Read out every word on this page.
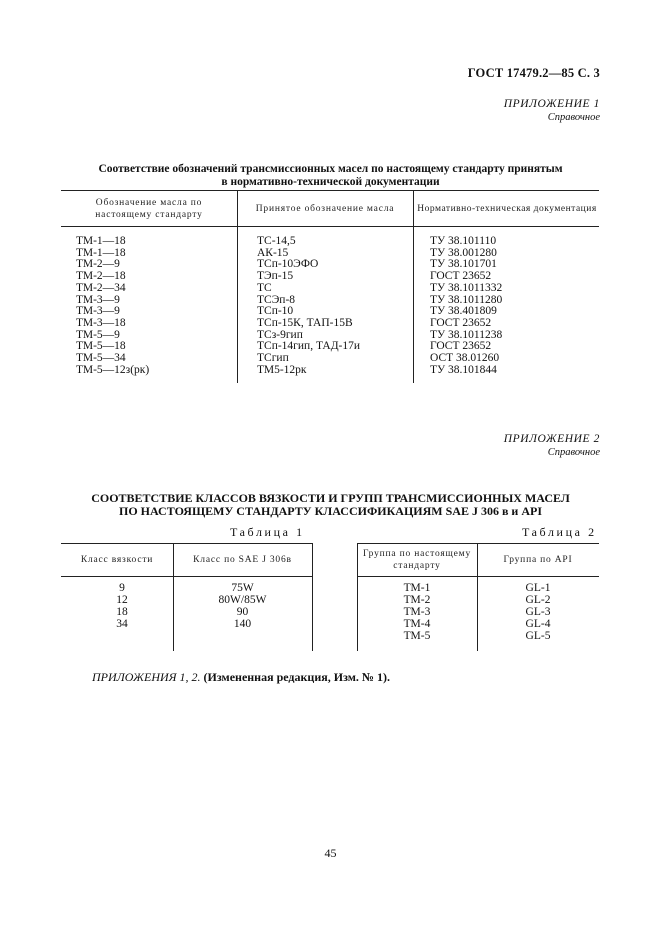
ГОСТ 17479.2—85 С. 3
ПРИЛОЖЕНИЕ 1
Справочное
Соответствие обозначений трансмиссионных масел по настоящему стандарту принятым
в нормативно-технической документации
Обозначение масла по
настоящему стандарту
Принятое обозначение масла	Нормативно-техническая документация
ТМ-1—18
ТМ-1—18
ТМ-2—9
ТМ-2—18
ТМ-2—34
ТМ-3—9
ТМ-3—9
ТМ-3—18
ТМ-5—9
ТМ-5—18
ТМ-5—34
ТМ-5—12з(рк)
ТС-14,5
АК-15
ТСп-10ЭФО
ТЭп-15
ТС
ТСЭп-8
ТСп-10
ТСп-15К, ТАП-15В
ТСз-9гип
ТСп-14гип, ТАД-17и
ТСгип
ТМ5-12рк
ТУ 38.101110
ТУ 38.001280
ТУ 38.101701
ГОСТ 23652
ТУ 38.1011332
ТУ 38.1011280
ТУ 38.401809
ГОСТ 23652
ТУ 38.1011238
ГОСТ 23652
ОСТ 38.01260
ТУ 38.101844
ПРИЛОЖЕНИЕ 2
Справочное
СООТВЕТСТВИЕ КЛАССОВ ВЯЗКОСТИ И ГРУПП ТРАНСМИССИОННЫХ МАСЕЛ
ПО НАСТОЯЩЕМУ СТАНДАРТУ КЛАССИФИКАЦИЯМ SAE J 306 в и API
Таблица 1
Класс вязкости	Класс по SAE J 306в
9
12
18
34
75W
80W/85W
90
140
Таблица 2
Группа по настоящему
стандарту
Группа по API
ТМ-1
ТМ-2
ТМ-3
ТМ-4
ТМ-5
GL-1
GL-2
GL-3
GL-4
GL-5
ПРИЛОЖЕНИЯ 1, 2. (Измененная редакция, Изм. № 1).
45
